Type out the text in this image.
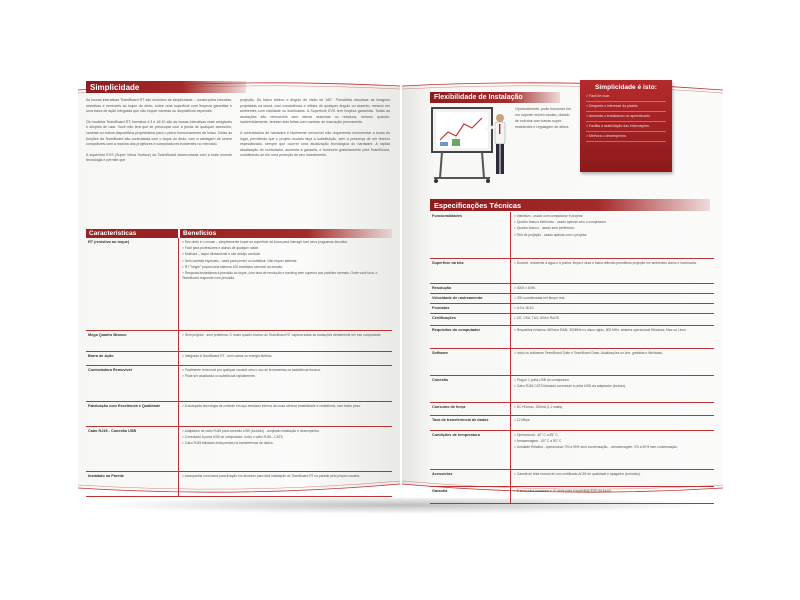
Simplicidade

As lousas interativas TeamBoard RT são sinônimo de simplicidade – construções robustas, resistivas e sensíveis ao toque do dedo, sobre uma superfície com limpeza garantida e uma barra de ação integrada que não requer canetas ou dispositivos especiais.

Os modelos TeamBoard RT, formatos 4:3 e 16:10 são as lousas interativas mais amigáveis e simples de usar. Você não terá que se preocupar com a perda de qualquer acessório, canetas ou outros dispositivos proprietários para o pleno funcionamento da lousa. Todas as funções da TeamBoard são controladas com o toque do dedo, com a vantagem de serem compatíveis com a maioria dos projetores e computadores existentes no mercado.

A superfície EVS (Super Versa Surface) do TeamBoard desenvolvida com a mais recente tecnologia e permite que

projeção. Do baixo reflexo e ângulo de visão de 180°. Possibilita visualizar as imagens projetadas na lousa, com consistência e nitidez de qualquer ângulo ou assento, mesmo em ambientes com claridade ou iluminados. A Superfície EVS tem limpeza garantida. Todas as anotações são removíveis sem deixar manchas ou resíduos, mesmo quando, inadvertidamente, tenham sido feitas com canetas de marcação permanente.

A contratadora de hardware é facilmente removível não requerendo movimentar a lousa do lugar, permitindo que o projeto usuário faça a substituição, sem a presença de um técnico especializado, sempre que ocorrer uma atualização tecnológica do hardware. A rápida atualização do controlador, aumenta a garantia, e fornecem gratuitamente pela TeamBoard, constituindo-se em uma proteção de seu investimento.

Características	Benefícios
RT (resistivo ao toque)	> Seu dedo é o mouse – simplesmente toque na superfície da lousa para interagir com seus programas favoritos.

> Fácil para professores e alunos de qualquer idade.

> Multiuso – toque diretamente e use desejo conduzir.

> Sem canetas especiais - nada para perder ou substituir. Não requer baterias.

> RT "single" proporciona sistema 100 imediatos sensível ao desafio.

> Resposta instantânea à precisão ao toque, com taxa de resolução e tracking bem superior aos padrões normais. Onde você toca, o TeamBoard responde com precisão.

Mega Quadro Branco	> Sem projetor - sem problema. O modo quadro branco do TeamBoard RT captura todas as anotações diretamente em seu computador.

Barra de Ação	> Integrada à TeamBoard RT - sem cabos ou energia elétrica.

Controladora Removível	> Facilmente removível por qualquer usuário sem o uso de ferramentas ou assistência técnica.

> Pode ser atualizada ou substituída rapidamente.

Fabricação com Excelência e Qualidade	> A avançada tecnologia de controle em aço reciclado interna da lousa oferece estabilidade e resistência, com baixo peso.

Cabo RJ45 - Conexão USB	> Adaptador de cabo RJ45 para conexão USB (incluído) - ampliado instalação e desempenho.

> Conectado à porta USB do computador. Inclui o cabo RJ45 - CAT5.

> Cabo RJ45 blindado evita perdas na transferência de dados.

Instalado na Parede	> Acompanha uma barra para fixação em alumínio para fácil instalação do TeamBoard RT na parede pelo próprio usuário.

Flexibilidade de Instalação
Opcionalmente, pode funcionar em um suporte móvel robusto, dotado de rodízios com travas super-resistentes e regulagem de altura.
Simplicidade é isto:
> Fácil de usar.
> Desperta o interesse da plateia.
> Aumenta o entusiasmo no aprendizado.
> Facilita a assimilação das informações.
> Melhora o desempenho.
Especificações Técnicas
Funcionalidades	> Interativo - usado com computador e projetor.

> Quadro branco eletrônico - usado apenas com o computador.

> Quadro branco - usado sem periféricos.

> Tela de projeção - usado apenas com o projetor.

Superfície da tela	> Durável, resistente à água e à poeira, limpa e seca e baixa reflexão permitindo projeção em ambientes claros e iluminados.

Resolução	> 4000 x 4096.

Velocidade de rastreamento	> 200 coordenadas em tempo real.

Formatos	> 4:3 e 16:10.

Certificações	> CE, CSA, TUV, ADA e RoHS.

Requisitos do computador	> Requisitos mínimos: 600mhz RAM, 300MHz no disco rígido, 500 MHz, sistema operacional Windows, Mac ou Linux.

Software	> Inclui os softwares TeamBoard Suite e TeamBoard Draw. Atualizações on-line, gratuitas e ilimitadas.

Conexão	> Plug-in 1 porta USB do computador.

> Cabo RJ45 CAT5 blindado conectado à porta USB via adaptador (incluso).

Consumo de força	> DC+5Vmax, 300mA (1,2 watts).

Taxa de transferência de dados	> 12 Mbps.

Condições de temperatura	> Operacional: -40° C a 55° C.

> Armazenagem: -40° C a 50° C.

> Umidade Relativa - operacional: 0% a 90% sem condensação. - armazenagem: 0% a 90% sem condensação.

Acessórios	> Caneta de tinta removível com certificado ACMI de qualidade e apagador (incluídos).

Garantia	> 5 anos para hardware e 10 anos para a superfície EVS da lousa.
